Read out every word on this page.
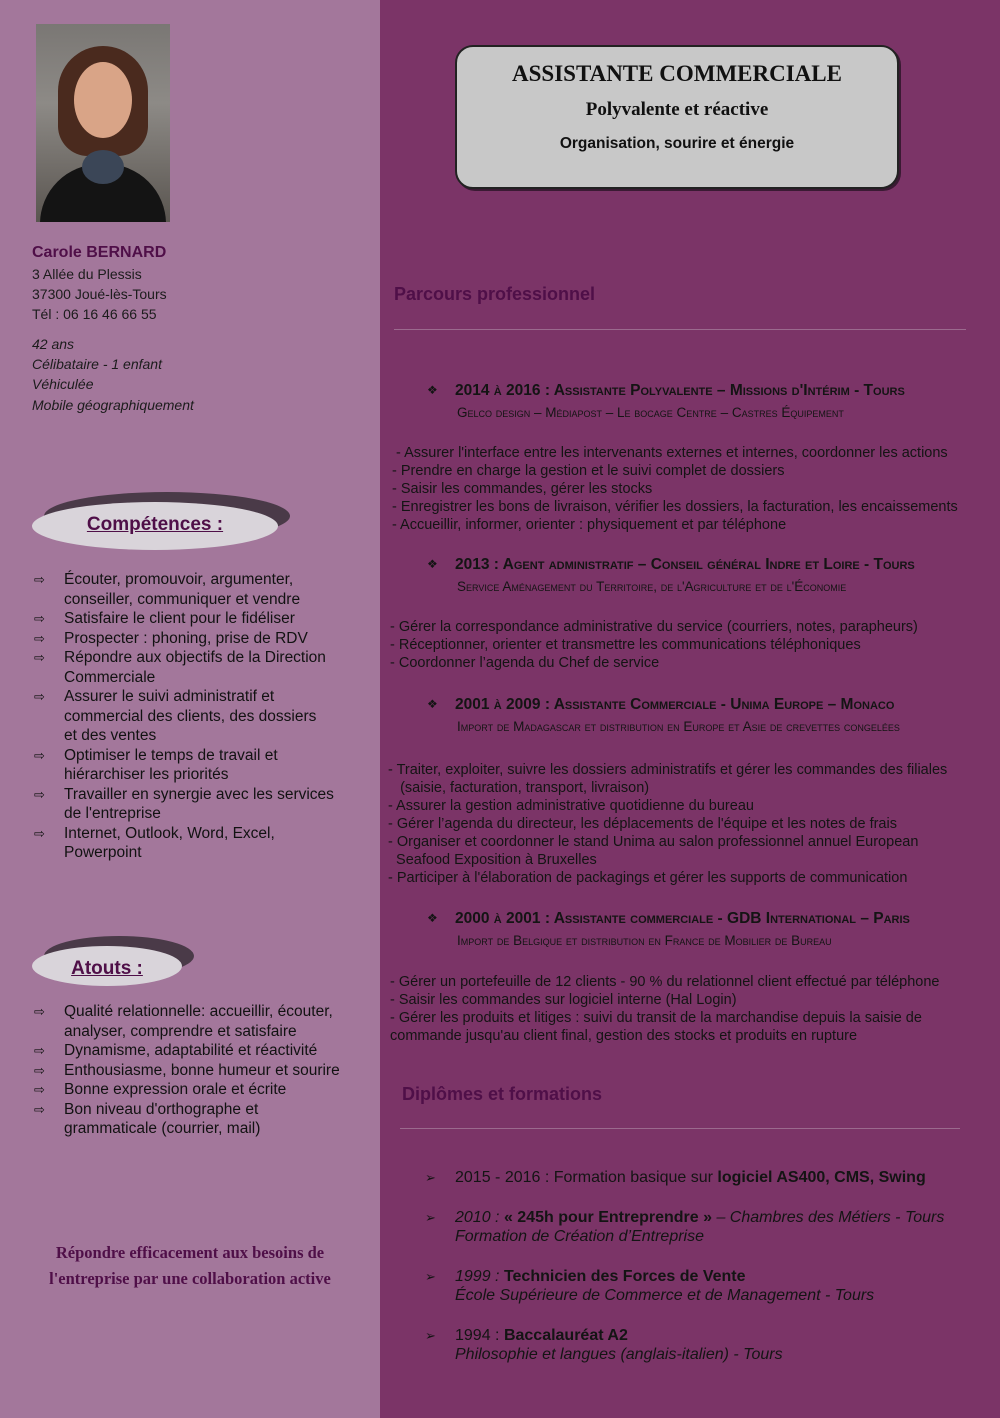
Carole BERNARD
3 Allée du Plessis
37300 Joué-lès-Tours
Tél : 06 16 46 66 55
42 ans
Célibataire - 1 enfant
Véhiculée
Mobile géographiquement
Compétences :
⇨ Écouter, promouvoir, argumenter,
conseiller, communiquer et vendre
⇨ Satisfaire le client pour le fidéliser
⇨ Prospecter : phoning, prise de RDV
⇨ Répondre aux objectifs de la Direction
Commerciale
⇨ Assurer le suivi administratif et
commercial des clients, des dossiers
et des ventes
⇨ Optimiser le temps de travail et
hiérarchiser les priorités
⇨ Travailler en synergie avec les services
de l'entreprise
⇨ Internet, Outlook, Word, Excel,
Powerpoint
Atouts :
⇨ Qualité relationnelle: accueillir, écouter,
analyser, comprendre et satisfaire
⇨ Dynamisme, adaptabilité et réactivité
⇨ Enthousiasme, bonne humeur et sourire
⇨ Bonne expression orale et écrite
⇨ Bon niveau d'orthographe et
grammaticale (courrier, mail)
Répondre efficacement aux besoins de
l'entreprise par une collaboration active
ASSISTANTE COMMERCIALE
Polyvalente et réactive
Organisation, sourire et énergie
Parcours professionnel
❖ 2014 à 2016 : Assistante Polyvalente – Missions d'Intérim - Tours
Gelco design – Médiapost – Le bocage Centre – Castres Équipement
- Assurer l'interface entre les intervenants externes et internes, coordonner les actions
- Prendre en charge la gestion et le suivi complet de dossiers
- Saisir les commandes, gérer les stocks
- Enregistrer les bons de livraison, vérifier les dossiers, la facturation, les encaissements
- Accueillir, informer, orienter : physiquement et par téléphone
❖ 2013 : Agent administratif – Conseil général Indre et Loire - Tours
Service Aménagement du Territoire, de l'Agriculture et de l'Économie
- Gérer la correspondance administrative du service (courriers, notes, parapheurs)
- Réceptionner, orienter et transmettre les communications téléphoniques
- Coordonner l’agenda du Chef de service
❖ 2001 à 2009 : Assistante Commerciale - Unima Europe – Monaco
Import de Madagascar et distribution en Europe et Asie de crevettes congelées
- Traiter, exploiter, suivre les dossiers administratifs et gérer les commandes des filiales
(saisie, facturation, transport, livraison)
- Assurer la gestion administrative quotidienne du bureau
- Gérer l’agenda du directeur, les déplacements de l'équipe et les notes de frais
- Organiser et coordonner le stand Unima au salon professionnel annuel European
Seafood Exposition à Bruxelles
- Participer à l'élaboration de packagings et gérer les supports de communication
❖ 2000 à 2001 : Assistante commerciale - GDB International – Paris
Import de Belgique et distribution en France de Mobilier de Bureau
- Gérer un portefeuille de 12 clients - 90 % du relationnel client effectué par téléphone
- Saisir les commandes sur logiciel interne (Hal Login)
- Gérer les produits et litiges : suivi du transit de la marchandise depuis la saisie de
commande jusqu'au client final, gestion des stocks et produits en rupture
Diplômes et formations
➢ 2015 - 2016 : Formation basique sur logiciel AS400, CMS, Swing
➢ 2010 : « 245h pour Entreprendre » – Chambres des Métiers - Tours
Formation de Création d’Entreprise
➢ 1999 : Technicien des Forces de Vente
École Supérieure de Commerce et de Management - Tours
➢ 1994 : Baccalauréat A2
Philosophie et langues (anglais-italien) - Tours
